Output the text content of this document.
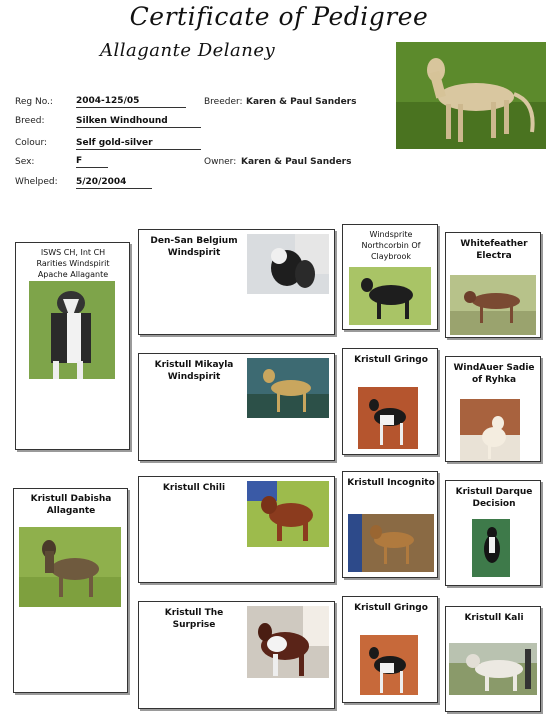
Certificate of Pedigree
Allagante Delaney
Reg No.:	2004-125/05
Breed:	Silken Windhound
Colour:	Self gold-silver
Sex:	F
Whelped: 5/20/2004
Breeder: Karen & Paul Sanders
Owner: Karen & Paul Sanders
ISWS CH, Int CH Rarities Windspirit Apache Allagante
Kristull Dabisha Allagante
Den-San Belgium Windspirit
Kristull Mikayla Windspirit
Kristull Chili
Kristull The Surprise
Windsprite Northcorbin Of Claybrook
Whitefeather Electra
Kristull Gringo
WindAuer Sadie of Ryhka
Kristull Incognito
Kristull Darque Decision
Kristull Gringo
Kristull Kali
